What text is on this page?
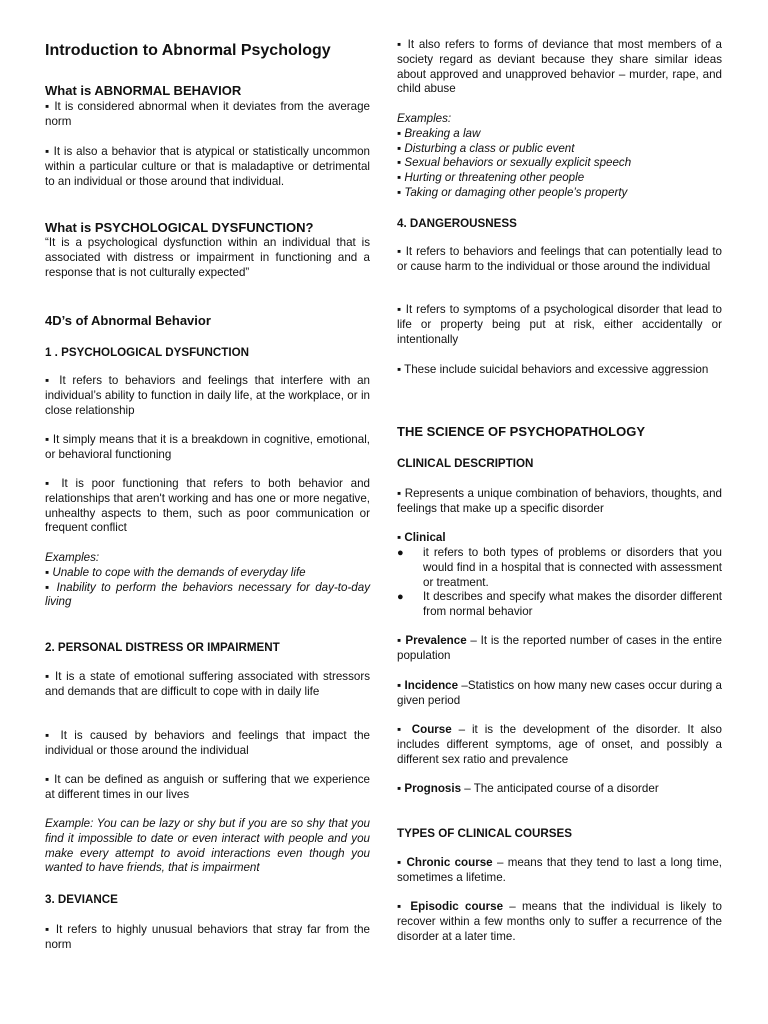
Introduction to Abnormal Psychology
What is ABNORMAL BEHAVIOR
▪ It is considered abnormal when it deviates from the average norm
▪ It is also a behavior that is atypical or statistically uncommon within a particular culture or that is maladaptive or detrimental to an individual or those around that individual.
What is PSYCHOLOGICAL DYSFUNCTION?
“It is a psychological dysfunction within an individual that is associated with distress or impairment in functioning and a response that is not culturally expected”
4D’s of Abnormal Behavior
1 . PSYCHOLOGICAL DYSFUNCTION
▪ It refers to behaviors and feelings that interfere with an individual’s ability to function in daily life, at the workplace, or in close relationship
▪ It simply means that it is a breakdown in cognitive, emotional, or behavioral functioning
▪ It is poor functioning that refers to both behavior and relationships that aren't working and has one or more negative, unhealthy aspects to them, such as poor communication or frequent conflict
Examples:
▪ Unable to cope with the demands of everyday life
▪ Inability to perform the behaviors necessary for day-to-day living
2. PERSONAL DISTRESS OR IMPAIRMENT
▪ It is a state of emotional suffering associated with stressors and demands that are difficult to cope with in daily life
▪ It is caused by behaviors and feelings that impact the individual or those around the individual
▪ It can be defined as anguish or suffering that we experience at different times in our lives
Example: You can be lazy or shy but if you are so shy that you find it impossible to date or even interact with people and you make every attempt to avoid interactions even though you wanted to have friends, that is impairment
3. DEVIANCE
▪ It refers to highly unusual behaviors that stray far from the norm
▪ It also refers to forms of deviance that most members of a society regard as deviant because they share similar ideas about approved and unapproved behavior – murder, rape, and child abuse
Examples:
▪ Breaking a law
▪ Disturbing a class or public event
▪ Sexual behaviors or sexually explicit speech
▪ Hurting or threatening other people
▪ Taking or damaging other people’s property
4. DANGEROUSNESS
▪ It refers to behaviors and feelings that can potentially lead to or cause harm to the individual or those around the individual
▪ It refers to symptoms of a psychological disorder that lead to life or property being put at risk, either accidentally or intentionally
▪ These include suicidal behaviors and excessive aggression
THE SCIENCE OF PSYCHOPATHOLOGY
CLINICAL DESCRIPTION
▪ Represents a unique combination of behaviors, thoughts, and feelings that make up a specific disorder
▪ Clinical
● it refers to both types of problems or disorders that you would find in a hospital that is connected with assessment or treatment.
● It describes and specify what makes the disorder different from normal behavior
▪ Prevalence – It is the reported number of cases in the entire population
▪ Incidence –Statistics on how many new cases occur during a given period
▪ Course – it is the development of the disorder. It also includes different symptoms, age of onset, and possibly a different sex ratio and prevalence
▪ Prognosis – The anticipated course of a disorder
TYPES OF CLINICAL COURSES
▪ Chronic course – means that they tend to last a long time, sometimes a lifetime.
▪ Episodic course – means that the individual is likely to recover within a few months only to suffer a recurrence of the disorder at a later time.
